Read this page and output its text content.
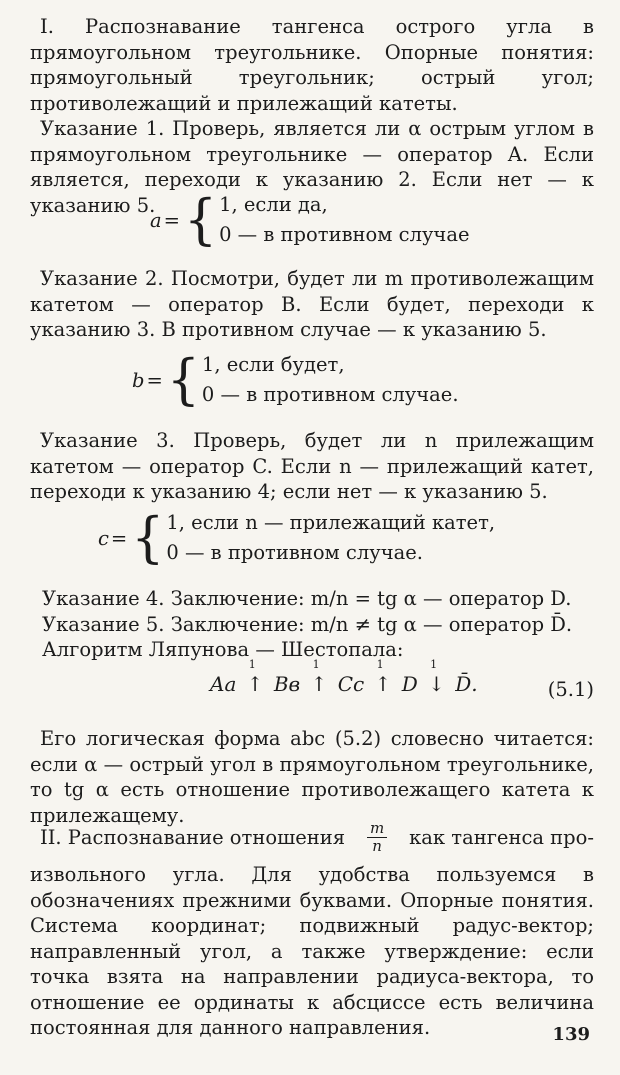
I. Распознавание тангенса острого угла в прямоугольном треугольнике. Опорные понятия: прямоугольный треугольник; острый угол; противолежащий и прилежащий катеты.

Указание 1. Проверь, является ли α острым углом в прямоугольном треугольнике — оператор A. Если является, переходи к указанию 2. Если нет — к указанию 5.

a = { 1, если да,
0 — в противном случае

Указание 2. Посмотри, будет ли m противолежащим катетом — оператор B. Если будет, переходи к указанию 3. В противном случае — к указанию 5.

b = { 1, если будет,
0 — в противном случае.

Указание 3. Проверь, будет ли n прилежащим катетом — оператор C. Если n — прилежащий катет, переходи к указанию 4; если нет — к указанию 5.

c = { 1, если n — прилежащий катет,
0 — в противном случае.
Указание 4. Заключение: m/n = tg α — оператор D.
Указание 5. Заключение: m/n ≠ tg α — оператор D̄.
Алгоритм Ляпунова — Шестопала:
Aa
1
↑ Bв
1
↑ Cc
1
↑ D
1
↓ D̄.	(5.1)

Его логическая форма abc (5.2) словесно читается: если α — острый угол в прямоугольном треугольнике, то tg α есть отношение противолежащего катета к прилежащему.

II. Распознавание отношения $\frac{m}{n}$ как тангенса про-

извольного угла. Для удобства пользуемся в обозначениях прежними буквами. Опорные понятия. Система координат; подвижный радус-вектор; направленный угол, а также утверждение: если точка взята на направлении радиуса-вектора, то отношение ее ординаты к абсциссе есть величина постоянная для данного направления.	139
